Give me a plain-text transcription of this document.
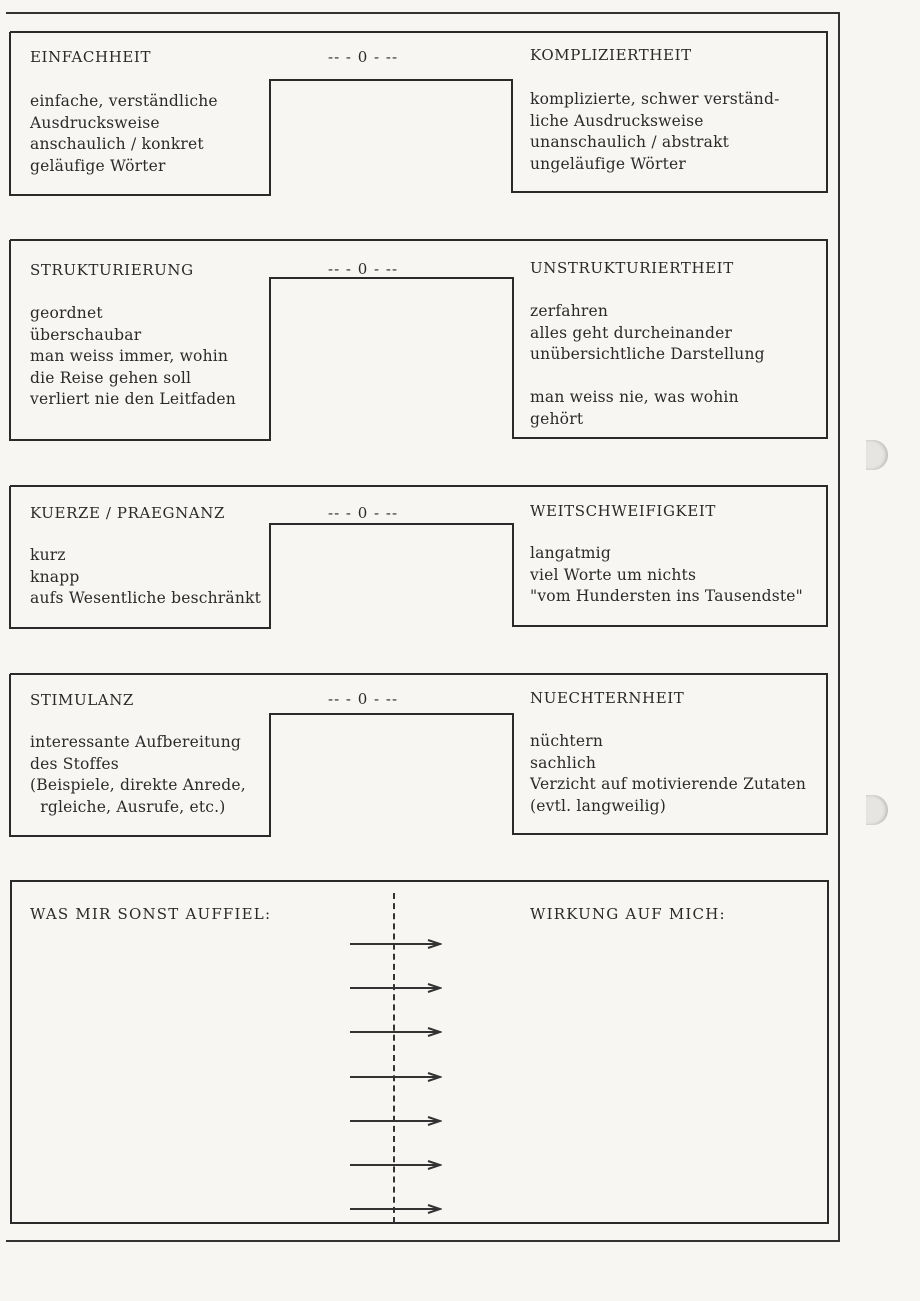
EINFACHHEIT	-- - 0 - --	KOMPLIZIERTHEIT
einfache, verständliche
Ausdrucksweise
anschaulich / konkret
geläufige Wörter
komplizierte, schwer verständ-
liche Ausdrucksweise
unanschaulich / abstrakt
ungeläufige Wörter
STRUKTURIERUNG	-- - 0 - --	UNSTRUKTURIERTHEIT
geordnet
überschaubar
man weiss immer, wohin
die Reise gehen soll
verliert nie den Leitfaden
zerfahren
alles geht durcheinander
unübersichtliche Darstellung
man weiss nie, was wohin
gehört
KUERZE / PRAEGNANZ	-- - 0 - --	WEITSCHWEIFIGKEIT
kurz
knapp
aufs Wesentliche beschränkt
langatmig
viel Worte um nichts
"vom Hundersten ins Tausendste"
STIMULANZ	-- - 0 - --	NUECHTERNHEIT
interessante Aufbereitung
des Stoffes
(Beispiele, direkte Anrede,
rgleiche, Ausrufe, etc.)
nüchtern
sachlich
Verzicht auf motivierende Zutaten
(evtl. langweilig)
WAS MIR SONST AUFFIEL:	WIRKUNG AUF MICH:
